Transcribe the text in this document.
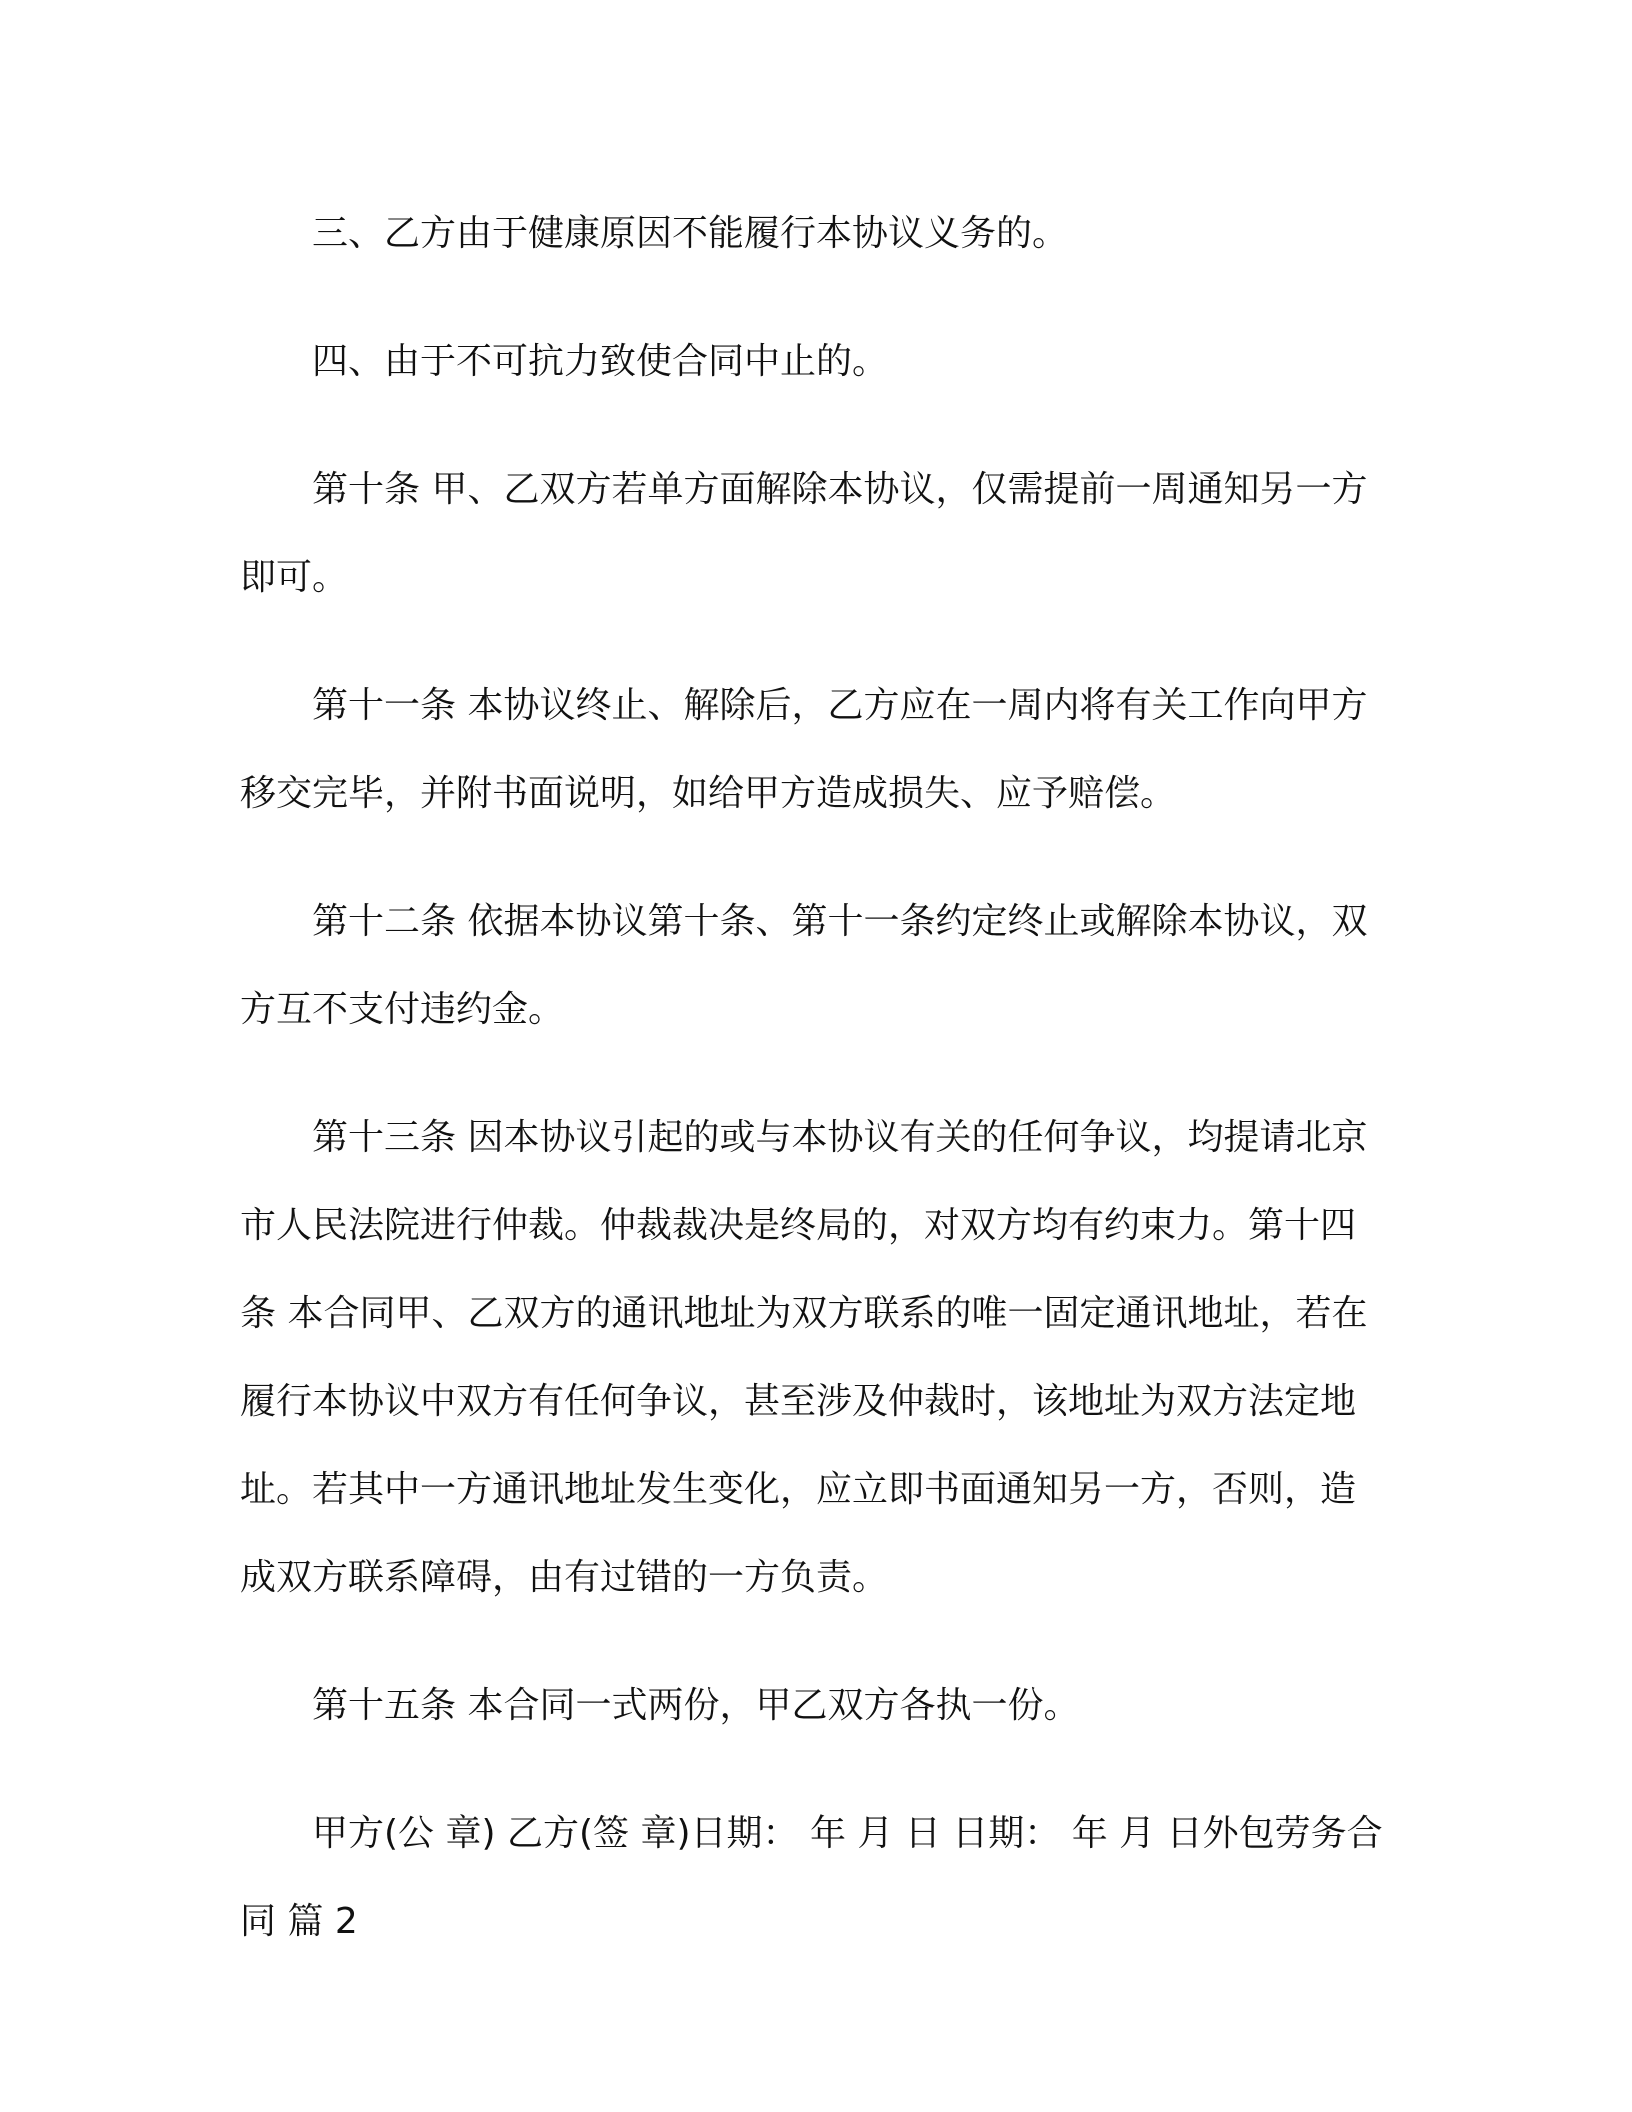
三、乙方由于健康原因不能履行本协议义务的。

四、由于不可抗力致使合同中止的。

第十条 甲、乙双方若单方面解除本协议，仅需提前一周通知另一方即可。

第十一条 本协议终止、解除后，乙方应在一周内将有关工作向甲方移交完毕，并附书面说明，如给甲方造成损失、应予赔偿。

第十二条 依据本协议第十条、第十一条约定终止或解除本协议，双方互不支付违约金。

第十三条 因本协议引起的或与本协议有关的任何争议，均提请北京市人民法院进行仲裁。仲裁裁决是终局的，对双方均有约束力。第十四条 本合同甲、乙双方的通讯地址为双方联系的唯一固定通讯地址，若在履行本协议中双方有任何争议，甚至涉及仲裁时，该地址为双方法定地址。若其中一方通讯地址发生变化，应立即书面通知另一方，否则，造成双方联系障碍，由有过错的一方负责。

第十五条 本合同一式两份，甲乙双方各执一份。

甲方(公 章) 乙方(签 章)日期： 年 月 日 日期： 年 月 日外包劳务合同 篇 2
